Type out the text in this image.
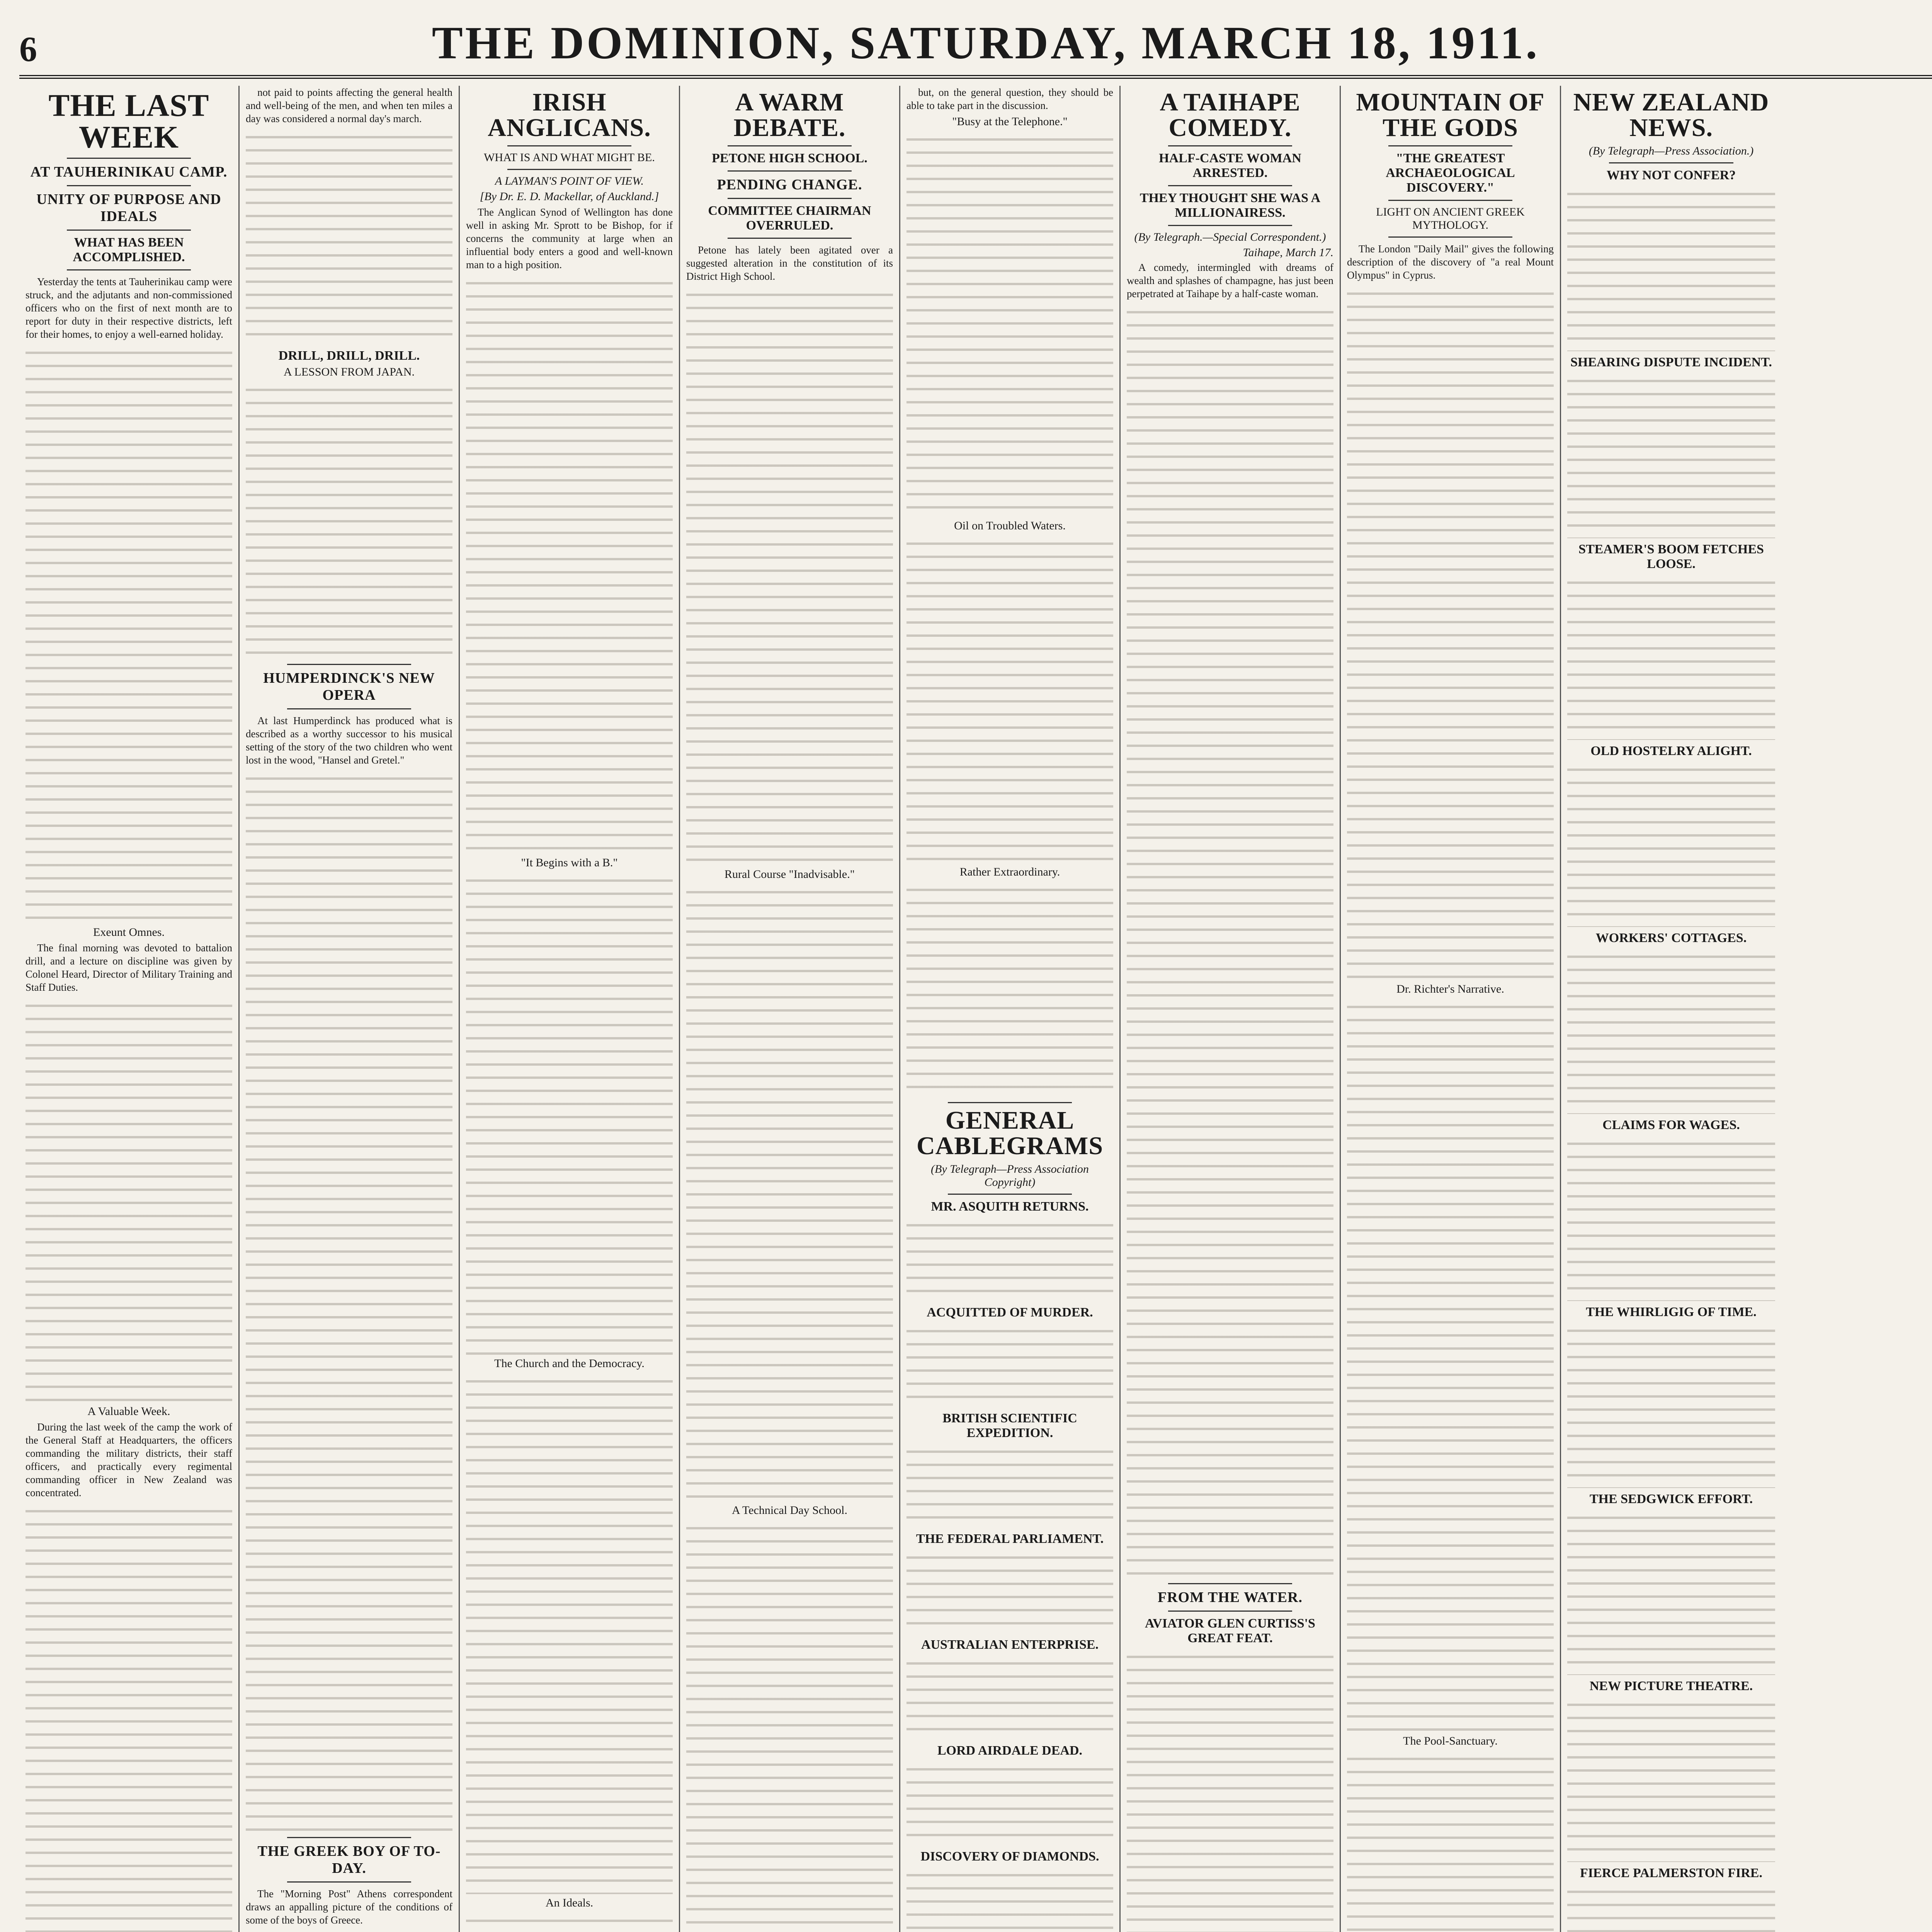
6	THE DOMINION, SATURDAY, MARCH 18, 1911.
THE LAST WEEK
AT TAUHERINIKAU CAMP.
UNITY OF PURPOSE AND IDEALS
WHAT HAS BEEN ACCOMPLISHED.

Yesterday the tents at Tauherinikau camp were struck, and the adjutants and non-commissioned officers who on the first of next month are to report for duty in their respective districts, left for their homes, to enjoy a well-earned holiday.

Exeunt Omnes.

The final morning was devoted to battalion drill, and a lecture on discipline was given by Colonel Heard, Director of Military Training and Staff Duties.

A Valuable Week.

During the last week of the camp the work of the General Staff at Headquarters, the officers commanding the military districts, their staff officers, and practically every regimental commanding officer in New Zealand was concentrated.

not paid to points affecting the general health and well-being of the men, and when ten miles a day was considered a normal day's march.

DRILL, DRILL, DRILL.
A LESSON FROM JAPAN.
HUMPERDINCK'S NEW OPERA

At last Humperdinck has produced what is described as a worthy successor to his musical setting of the story of the two children who went lost in the wood, "Hansel and Gretel."

THE GREEK BOY OF TO-DAY.

The "Morning Post" Athens correspondent draws an appalling picture of the conditions of some of the boys of Greece.

IRISH ANGLICANS.
WHAT IS AND WHAT MIGHT BE.
A LAYMAN'S POINT OF VIEW.
[By Dr. E. D. Mackellar, of Auckland.]

The Anglican Synod of Wellington has done well in asking Mr. Sprott to be Bishop, for if concerns the community at large when an influential body enters a good and well-known man to a high position.

"It Begins with a B."
The Church and the Democracy.
An Ideals.
A WARM DEBATE.
PETONE HIGH SCHOOL.
PENDING CHANGE.
COMMITTEE CHAIRMAN OVERRULED.

Petone has lately been agitated over a suggested alteration in the constitution of its District High School.

Rural Course "Inadvisable."
A Technical Day School.

but, on the general question, they should be able to take part in the discussion.

"Busy at the Telephone."
Oil on Troubled Waters.
Rather Extraordinary.
GENERAL CABLEGRAMS
(By Telegraph—Press Association Copyright)
MR. ASQUITH RETURNS.
ACQUITTED OF MURDER.
BRITISH SCIENTIFIC EXPEDITION.
THE FEDERAL PARLIAMENT.
AUSTRALIAN ENTERPRISE.
LORD AIRDALE DEAD.
DISCOVERY OF DIAMONDS.
A TAIHAPE COMEDY.
HALF-CASTE WOMAN ARRESTED.
THEY THOUGHT SHE WAS A MILLIONAIRESS.
(By Telegraph.—Special Correspondent.)
Taihape, March 17.

A comedy, intermingled with dreams of wealth and splashes of champagne, has just been perpetrated at Taihape by a half-caste woman.

FROM THE WATER.
AVIATOR GLEN CURTISS'S GREAT FEAT.
MOUNTAIN OF THE GODS
"THE GREATEST ARCHAEOLOGICAL DISCOVERY."
LIGHT ON ANCIENT GREEK MYTHOLOGY.

The London "Daily Mail" gives the following description of the discovery of "a real Mount Olympus" in Cyprus.

Dr. Richter's Narrative.
The Pool-Sanctuary.
NEW ZEALAND NEWS.
(By Telegraph—Press Association.)
WHY NOT CONFER?
SHEARING DISPUTE INCIDENT.
STEAMER'S BOOM FETCHES LOOSE.
OLD HOSTELRY ALIGHT.
WORKERS' COTTAGES.
CLAIMS FOR WAGES.
THE WHIRLIGIG OF TIME.
THE SEDGWICK EFFORT.
NEW PICTURE THEATRE.
FIERCE PALMERSTON FIRE.
